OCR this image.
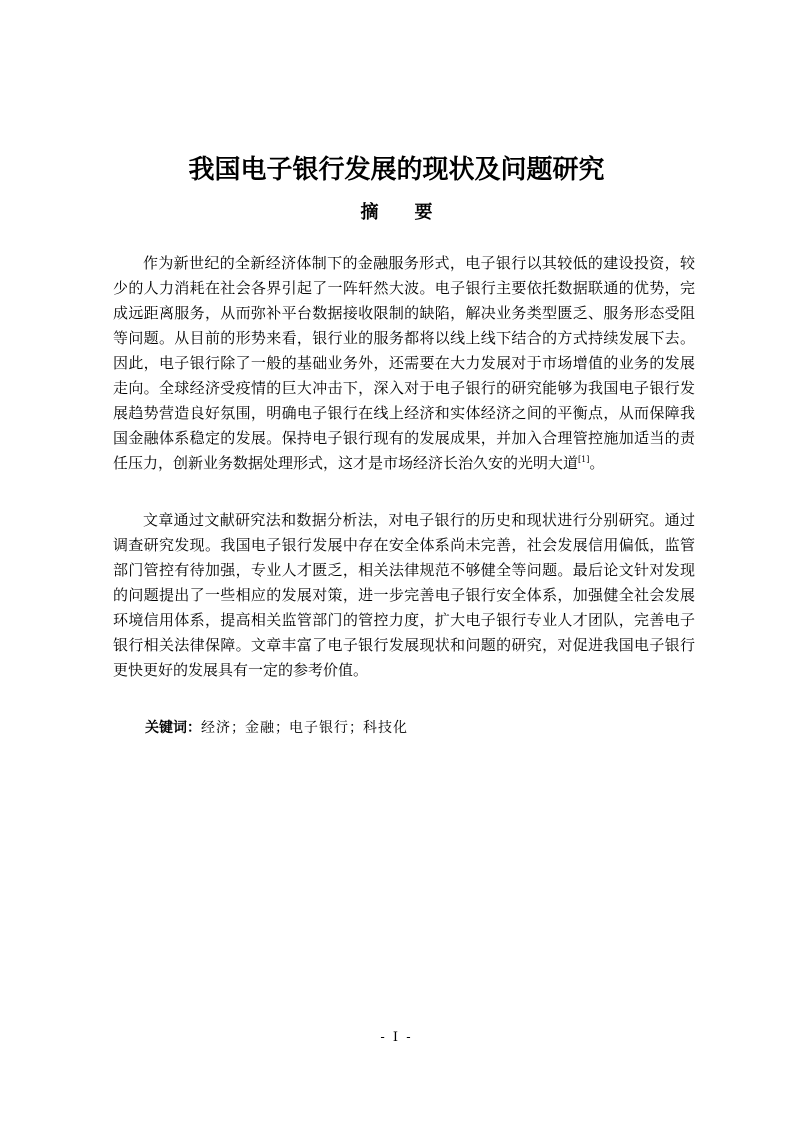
我国电子银行发展的现状及问题研究
摘要

作为新世纪的全新经济体制下的金融服务形式，电子银行以其较低的建设投资，较少的人力消耗在社会各界引起了一阵轩然大波。电子银行主要依托数据联通的优势，完成远距离服务，从而弥补平台数据接收限制的缺陷，解决业务类型匮乏、服务形态受阻等问题。从目前的形势来看，银行业的服务都将以线上线下结合的方式持续发展下去。因此，电子银行除了一般的基础业务外，还需要在大力发展对于市场增值的业务的发展走向。全球经济受疫情的巨大冲击下，深入对于电子银行的研究能够为我国电子银行发展趋势营造良好氛围，明确电子银行在线上经济和实体经济之间的平衡点，从而保障我国金融体系稳定的发展。保持电子银行现有的发展成果，并加入合理管控施加适当的责任压力，创新业务数据处理形式，这才是市场经济长治久安的光明大道[1]。

文章通过文献研究法和数据分析法，对电子银行的历史和现状进行分别研究。通过调查研究发现。我国电子银行发展中存在安全体系尚未完善，社会发展信用偏低，监管部门管控有待加强，专业人才匮乏，相关法律规范不够健全等问题。最后论文针对发现的问题提出了一些相应的发展对策，进一步完善电子银行安全体系，加强健全社会发展环境信用体系，提高相关监管部门的管控力度，扩大电子银行专业人才团队，完善电子银行相关法律保障。文章丰富了电子银行发展现状和问题的研究，对促进我国电子银行更快更好的发展具有一定的参考价值。

关键词：经济；金融；电子银行；科技化

- I -
